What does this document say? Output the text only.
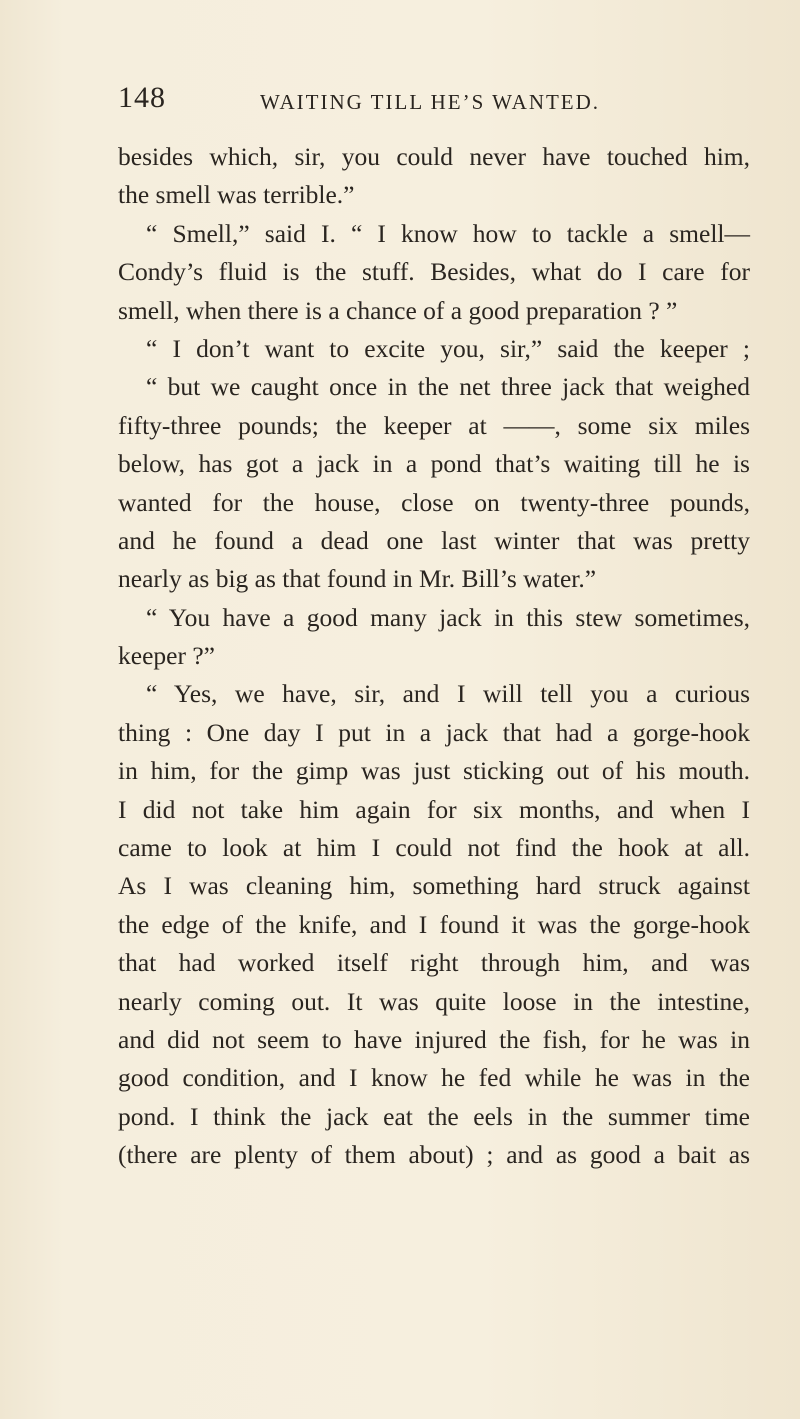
148	WAITING TILL HE’S WANTED.
besides which, sir, you could never have touched him,
the smell was terrible.”
“ Smell,” said I. “ I know how to tackle a smell—
Condy’s fluid is the stuff. Besides, what do I care for
smell, when there is a chance of a good preparation ? ”
“ I don’t want to excite you, sir,” said the keeper ;
“ but we caught once in the net three jack that weighed
fifty-three pounds; the keeper at ——, some six miles
below, has got a jack in a pond that’s waiting till he is
wanted for the house, close on twenty-three pounds,
and he found a dead one last winter that was pretty
nearly as big as that found in Mr. Bill’s water.”
“ You have a good many jack in this stew sometimes,
keeper ?”
“ Yes, we have, sir, and I will tell you a curious
thing : One day I put in a jack that had a gorge-hook
in him, for the gimp was just sticking out of his mouth.
I did not take him again for six months, and when I
came to look at him I could not find the hook at all.
As I was cleaning him, something hard struck against
the edge of the knife, and I found it was the gorge-hook
that had worked itself right through him, and was
nearly coming out. It was quite loose in the intestine,
and did not seem to have injured the fish, for he was in
good condition, and I know he fed while he was in the
pond. I think the jack eat the eels in the summer time
(there are plenty of them about) ; and as good a bait as
